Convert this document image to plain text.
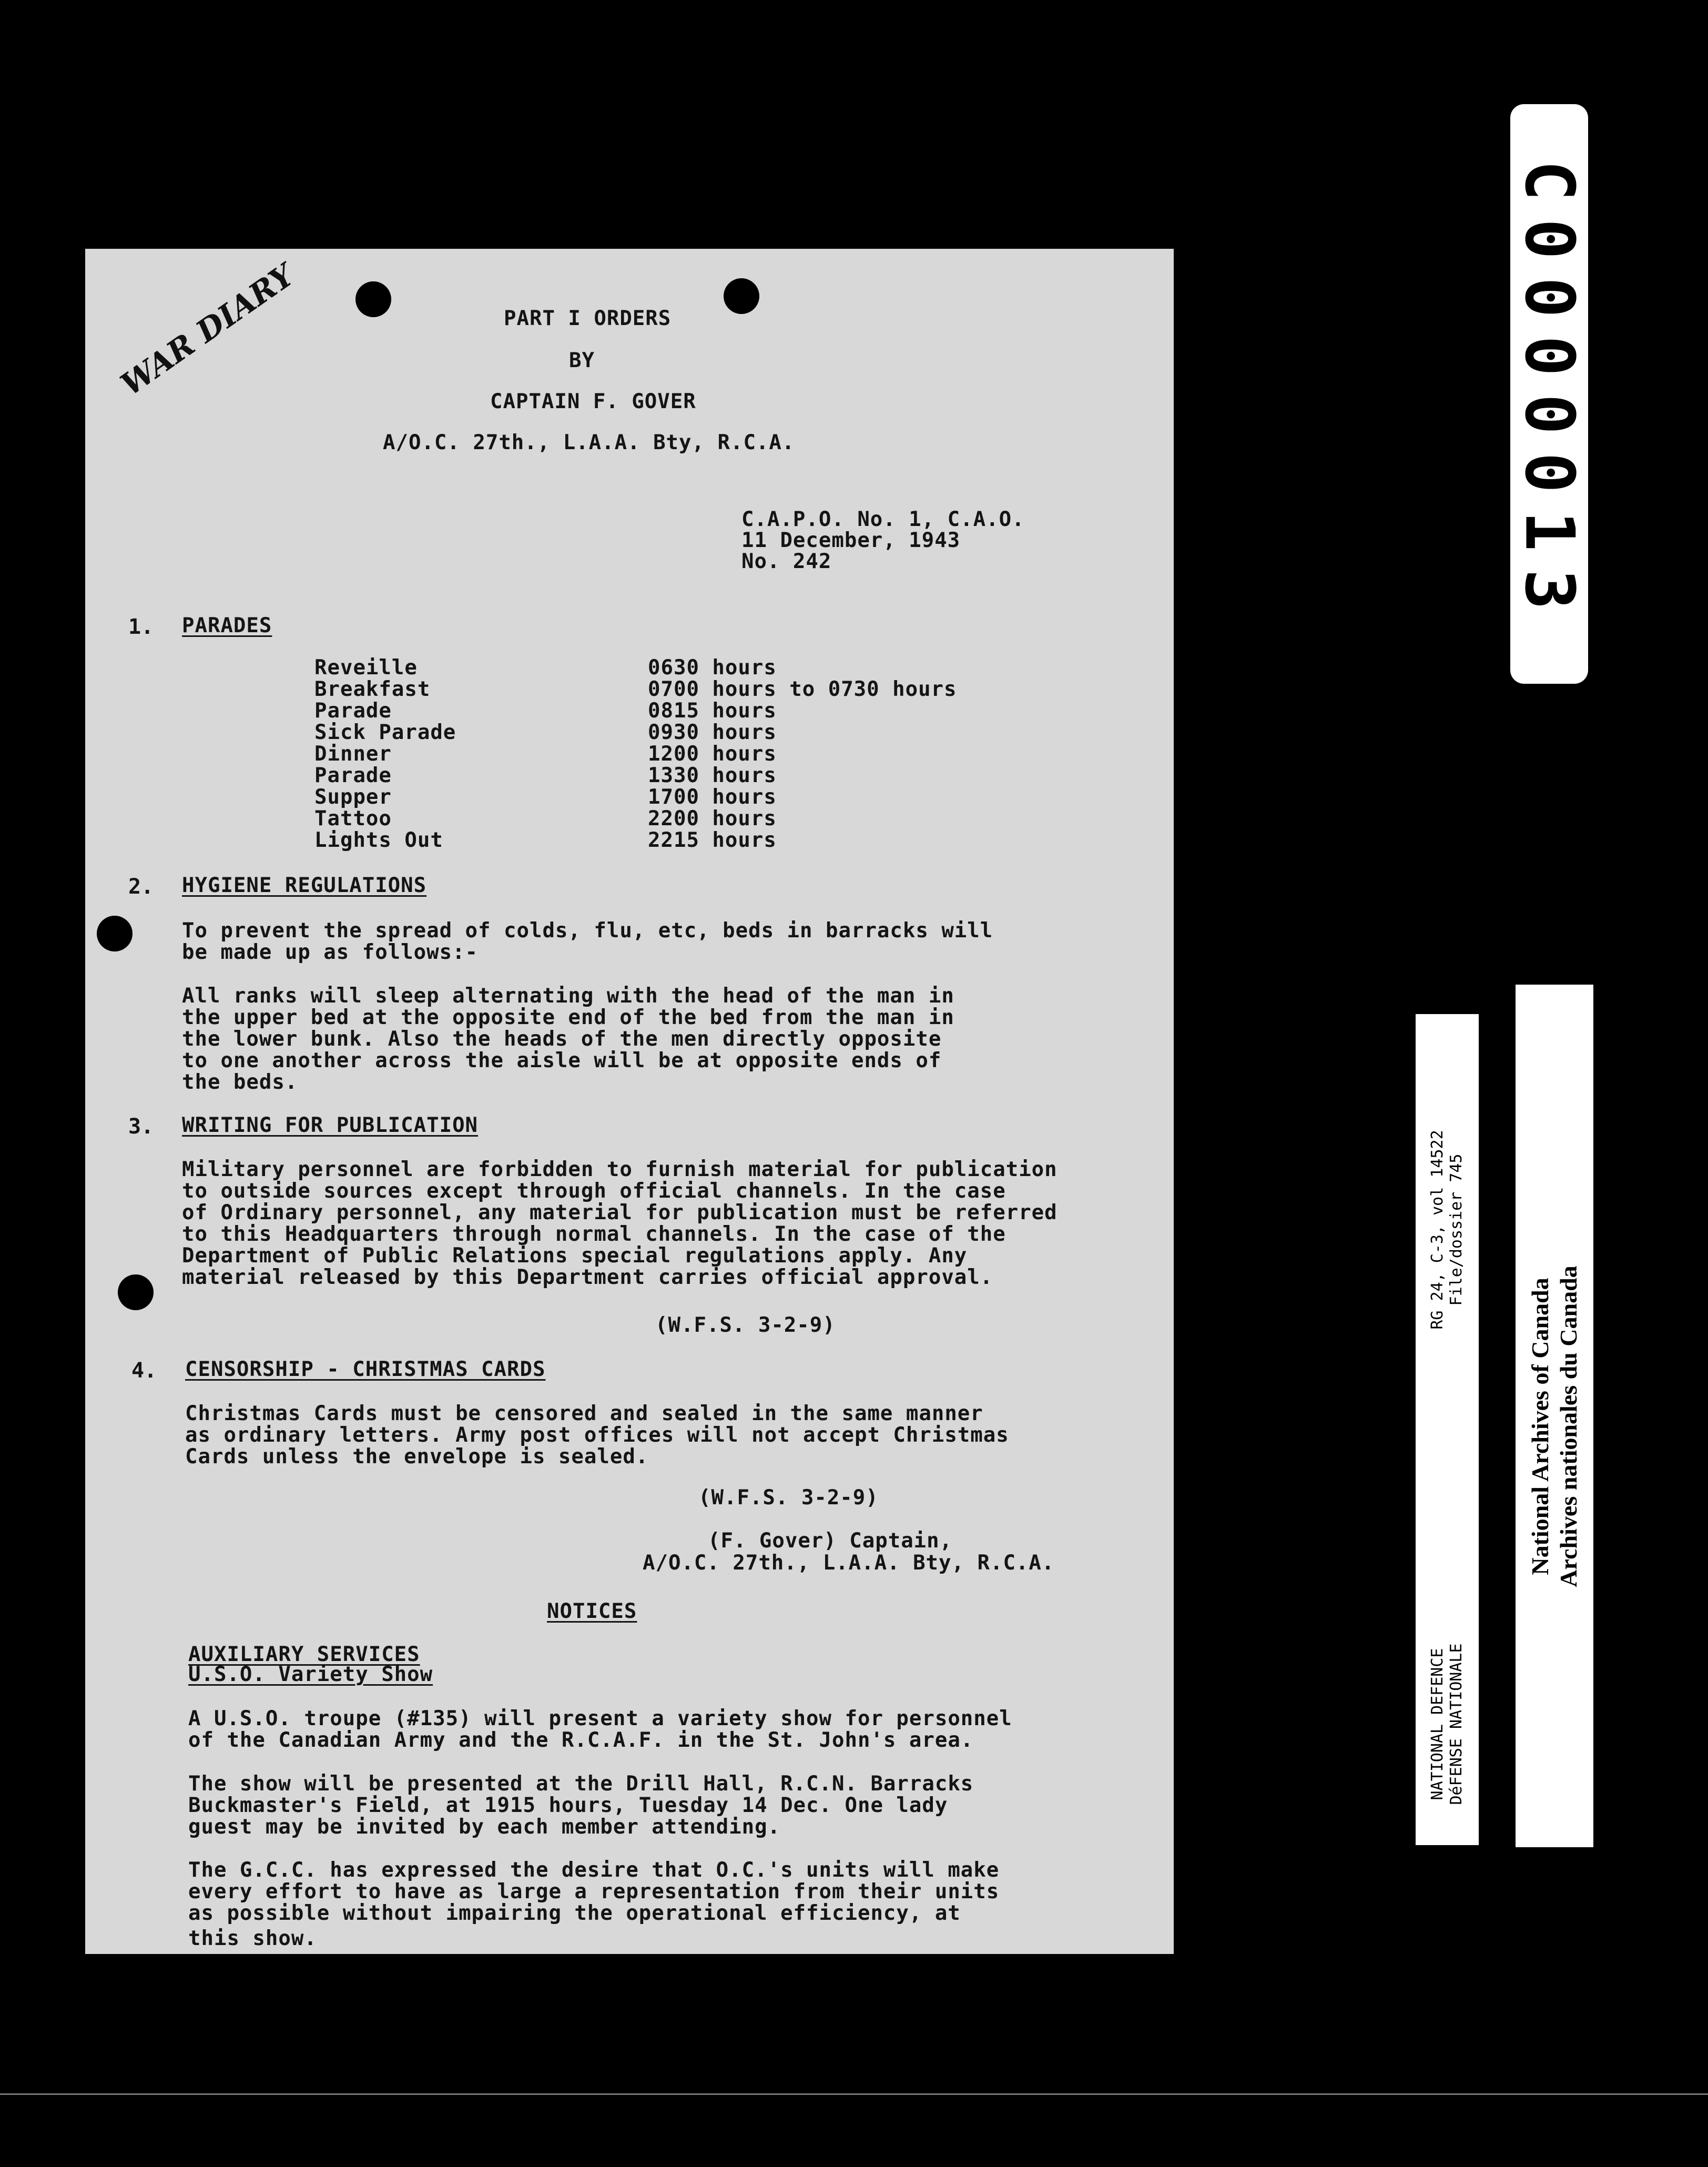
WAR DIARY	PART I ORDERS
BY
CAPTAIN F. GOVER
A/O.C. 27th., L.A.A. Bty, R.C.A.
C.A.P.O. No. 1, C.A.O.
11 December, 1943
No. 242
1. PARADES
Reveille	0630 hours
Breakfast	0700 hours to 0730 hours
Parade	0815 hours
Sick Parade	0930 hours
Dinner	1200 hours
Parade	1330 hours
Supper	1700 hours
Tattoo	2200 hours
Lights Out	2215 hours
2. HYGIENE REGULATIONS
To prevent the spread of colds, flu, etc, beds in barracks will
be made up as follows:-
All ranks will sleep alternating with the head of the man in
the upper bed at the opposite end of the bed from the man in
the lower bunk. Also the heads of the men directly opposite
to one another across the aisle will be at opposite ends of
the beds.
3. WRITING FOR PUBLICATION
Military personnel are forbidden to furnish material for publication
to outside sources except through official channels. In the case
of Ordinary personnel, any material for publication must be referred
to this Headquarters through normal channels. In the case of the
Department of Public Relations special regulations apply. Any
material released by this Department carries official approval.
(W.F.S. 3-2-9)
4. CENSORSHIP - CHRISTMAS CARDS
Christmas Cards must be censored and sealed in the same manner
as ordinary letters. Army post offices will not accept Christmas
Cards unless the envelope is sealed.
(W.F.S. 3-2-9)
(F. Gover) Captain,
A/O.C. 27th., L.A.A. Bty, R.C.A.
NOTICES
AUXILIARY SERVICES
U.S.O. Variety Show
A U.S.O. troupe (#135) will present a variety show for personnel
of the Canadian Army and the R.C.A.F. in the St. John's area.
The show will be presented at the Drill Hall, R.C.N. Barracks
Buckmaster's Field, at 1915 hours, Tuesday 14 Dec. One lady
guest may be invited by each member attending.
The G.C.C. has expressed the desire that O.C.'s units will make
every effort to have as large a representation from their units
as possible without impairing the operational efficiency, at
this show.
C0000013
RG 24, C-3, vol 14522 File/dossier 745
NATIONAL DEFENCE DéFENSE NATIONALE
National Archives of Canada Archives nationales du Canada
